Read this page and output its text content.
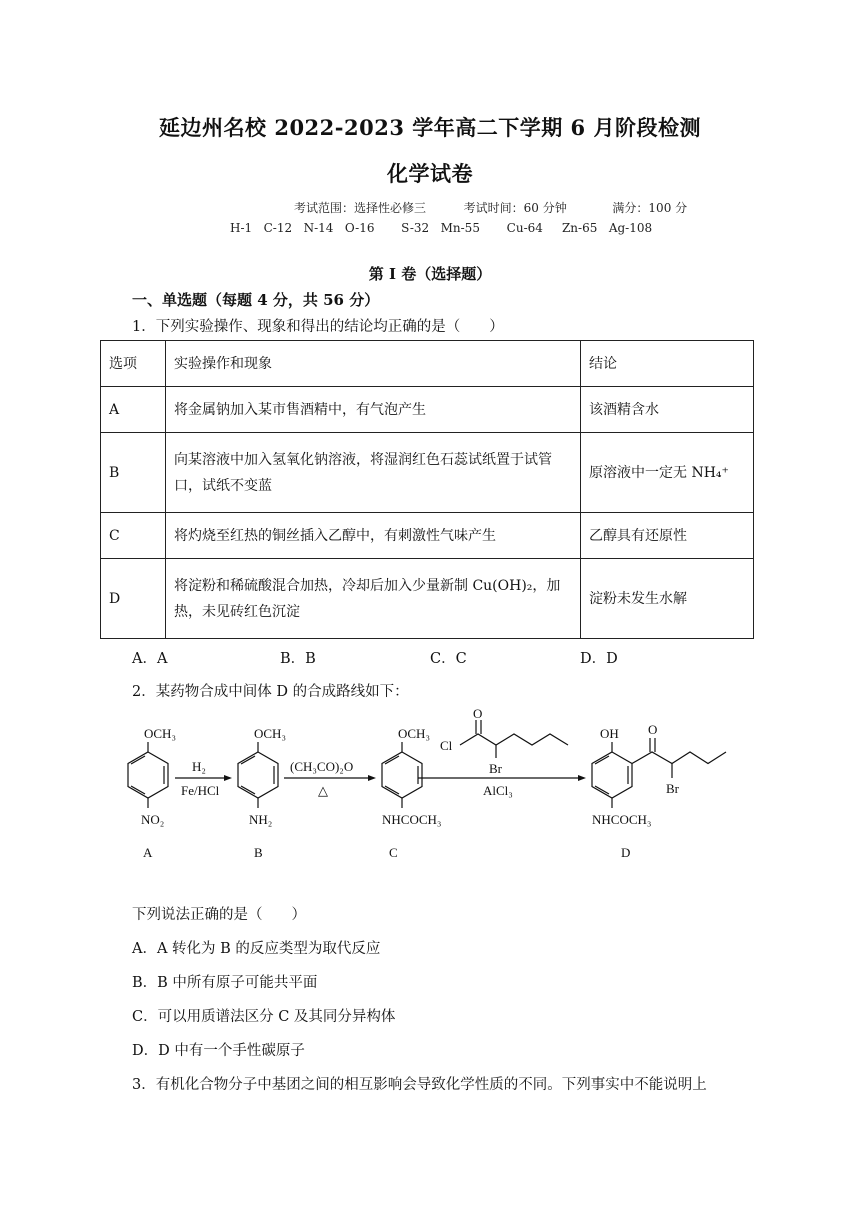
延边州名校 2022-2023 学年高二下学期 6 月阶段检测
化学试卷
考试范围：选择性必修三	考试时间：60 分钟	满分：100 分
H-1 C-12 N-14 O-16 S-32 Mn-55 Cu-64 Zn-65 Ag-108
第 I 卷（选择题）
一、单选题（每题 4 分，共 56 分）
1．下列实验操作、现象和得出的结论均正确的是（　　）
选项	实验操作和现象	结论
A	将金属钠加入某市售酒精中，有气泡产生	该酒精含水
B	向某溶液中加入氢氧化钠溶液，将湿润红色石蕊试纸置于试管
口，试纸不变蓝	原溶液中一定无 NH₄⁺
C	将灼烧至红热的铜丝插入乙醇中，有刺激性气味产生	乙醇具有还原性
D	将淀粉和稀硫酸混合加热，冷却后加入少量新制 Cu(OH)₂，加
热，未见砖红色沉淀	淀粉未发生水解
A．A	B．B	C．C	D．D
2．某药物合成中间体 D 的合成路线如下：
OCH₃
NO₂
OCH₃
NH₂
OCH₃
NHCOCH₃
OH
NHCOCH₃
O
Br
O
Cl
Br
H₂
Fe/HCl
(CH₃CO)₂O
△	AlCl₃
A	B	C	D
下列说法正确的是（　　）
A．A 转化为 B 的反应类型为取代反应
B．B 中所有原子可能共平面
C．可以用质谱法区分 C 及其同分异构体
D．D 中有一个手性碳原子
3．有机化合物分子中基团之间的相互影响会导致化学性质的不同。下列事实中不能说明上
